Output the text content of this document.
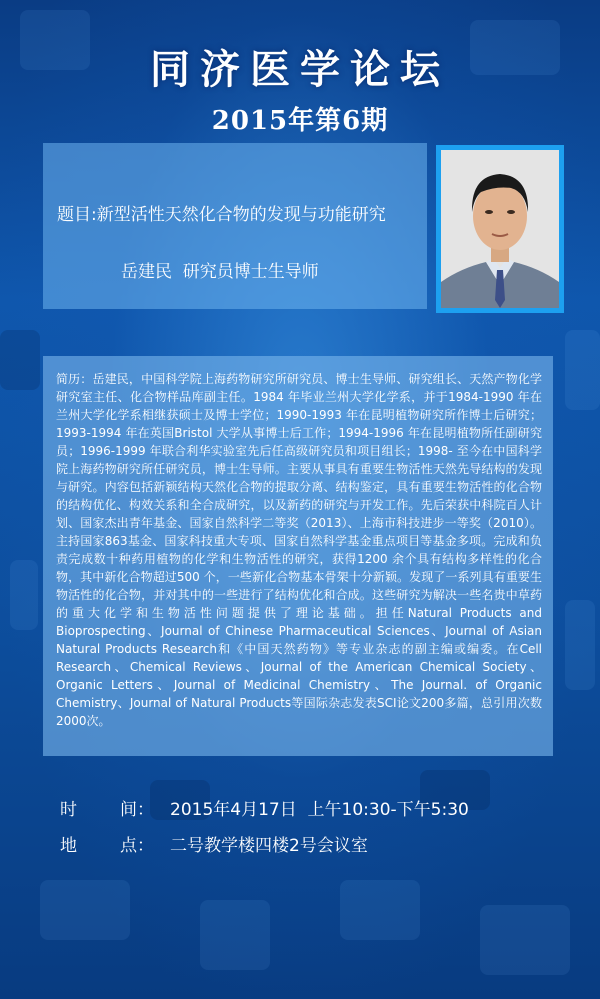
同济医学论坛
2015年第6期
题目:新型活性天然化合物的发现与功能研究
岳建民  研究员博士生导师
简历：岳建民，中国科学院上海药物研究所研究员、博士生导师、研究组长、天然产物化学研究室主任、化合物样品库副主任。1984 年毕业兰州大学化学系，并于1984-1990 年在兰州大学化学系相继获硕士及博士学位；1990-1993 年在昆明植物研究所作博士后研究；1993-1994 年在英国Bristol 大学从事博士后工作；1994-1996 年在昆明植物所任副研究员；1996-1999 年联合利华实验室先后任高级研究员和项目组长；1998- 至今在中国科学院上海药物研究所任研究员，博士生导师。主要从事具有重要生物活性天然先导结构的发现与研究。内容包括新颖结构天然化合物的提取分离、结构鉴定，具有重要生物活性的化合物的结构优化、构效关系和全合成研究，以及新药的研究与开发工作。先后荣获中科院百人计划、国家杰出青年基金、国家自然科学二等奖（2013）、上海市科技进步一等奖（2010）。主持国家863基金、国家科技重大专项、国家自然科学基金重点项目等基金多项。完成和负责完成数十种药用植物的化学和生物活性的研究，获得1200 余个具有结构多样性的化合物，其中新化合物超过500 个，一些新化合物基本骨架十分新颖。发现了一系列具有重要生物活性的化合物，并对其中的一些进行了结构优化和合成。这些研究为解决一些名贵中草药的重大化学和生物活性问题提供了理论基础。担任Natural Products and Bioprospecting、Journal of Chinese Pharmaceutical Sciences、Journal of Asian Natural Products Research和《中国天然药物》等专业杂志的副主编或编委。在Cell Research、Chemical Reviews、Journal of the American Chemical Society、Organic Letters、Journal of Medicinal Chemistry、The Journal. of Organic Chemistry、Journal of Natural Products等国际杂志发表SCI论文200多篇，总引用次数2000次。
时	间： 2015年4月17日  上午10:30-下午5:30
地	点： 二号教学楼四楼2号会议室
